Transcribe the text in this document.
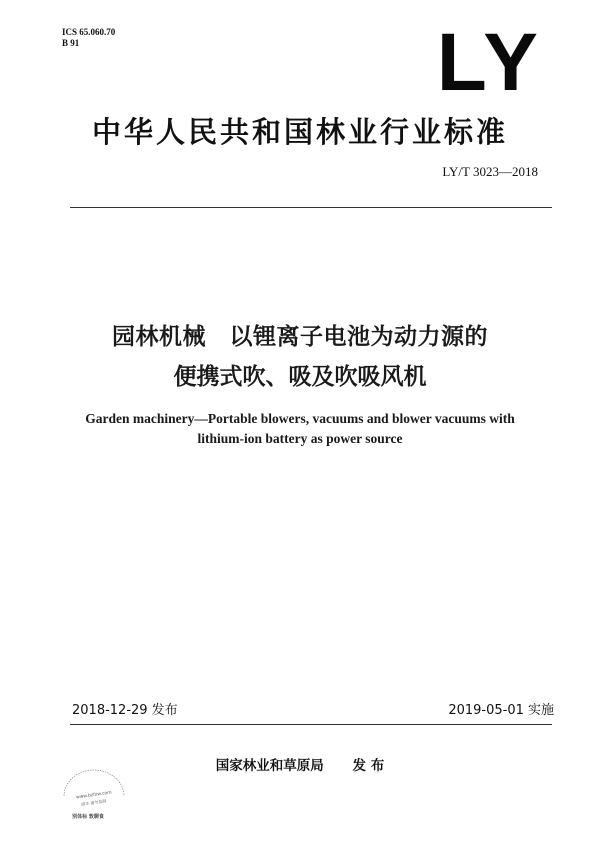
ICS 65.060.70
B 91	LY
中华人民共和国林业行业标准
LY/T 3023—2018
园林机械　以锂离子电池为动力源的
便携式吹、吸及吹吸风机
Garden machinery—Portable blowers, vacuums and blower vacuums with
lithium-ion battery as power source
2018-12-29 发布	2019-05-01 实施
国家林业和草原局 发 布
www.bzfxw.com
副本 请勿复制
别体标 敦聊食
